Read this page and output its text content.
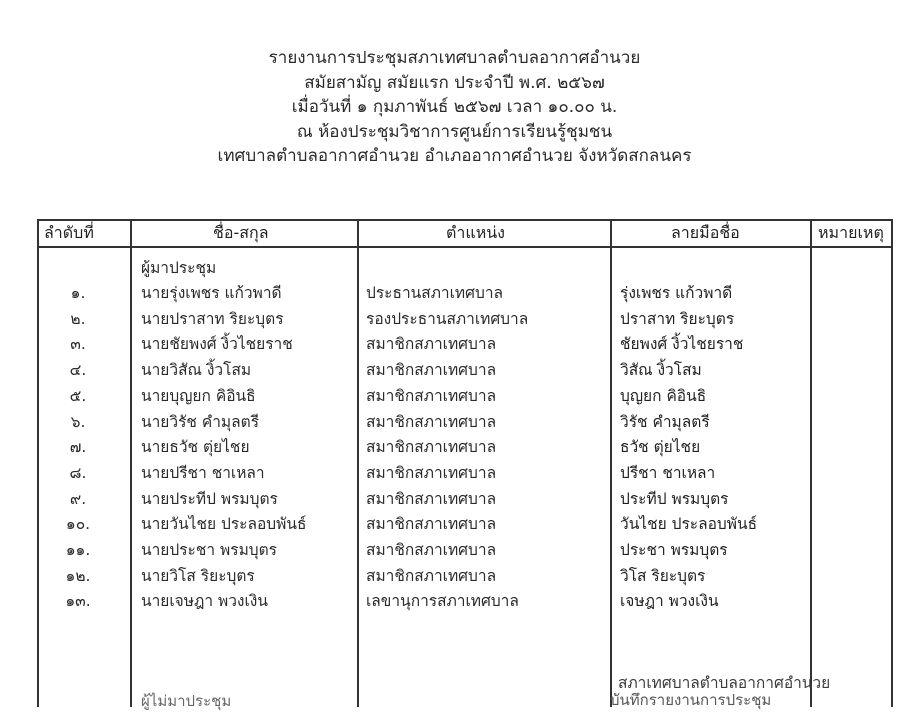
รายงานการประชุมสภาเทศบาลตำบลอากาศอำนวย
สมัยสามัญ สมัยแรก ประจำปี พ.ศ. ๒๕๖๗
เมื่อวันที่ ๑ กุมภาพันธ์ ๒๕๖๗ เวลา ๑๐.๐๐ น.
ณ ห้องประชุมวิชาการศูนย์การเรียนรู้ชุมชน
เทศบาลตำบลอากาศอำนวย อำเภออากาศอำนวย จังหวัดสกลนคร
ลำดับที่	ชื่อ-สกุล	ตำแหน่ง	ลายมือชื่อ	หมายเหตุ
ผู้มาประชุม
๑.	นายรุ่งเพชร แก้วพาดี	ประธานสภาเทศบาล	รุ่งเพชร แก้วพาดี
๒.	นายปราสาท ริยะบุตร	รองประธานสภาเทศบาล	ปราสาท ริยะบุตร
๓.	นายชัยพงศ์ งิ้วไชยราช	สมาชิกสภาเทศบาล	ชัยพงศ์ งิ้วไชยราช
๔.	นายวิสัณ งิ้วโสม	สมาชิกสภาเทศบาล	วิสัณ งิ้วโสม
๕.	นายบุญยก คิอินธิ	สมาชิกสภาเทศบาล	บุญยก คิอินธิ
๖.	นายวิรัช คำมุลตรี	สมาชิกสภาเทศบาล	วิรัช คำมุลตรี
๗.	นายธวัช ตุ่ยไชย	สมาชิกสภาเทศบาล	ธวัช ตุ่ยไชย
๘.	นายปรีชา ชาเหลา	สมาชิกสภาเทศบาล	ปรีชา ชาเหลา
๙.	นายประทีป พรมบุตร	สมาชิกสภาเทศบาล	ประทีป พรมบุตร
๑๐.	นายวันไชย ประลอบพันธ์	สมาชิกสภาเทศบาล	วันไชย ประลอบพันธ์
๑๑.	นายประชา พรมบุตร	สมาชิกสภาเทศบาล	ประชา พรมบุตร
๑๒.	นายวิโส ริยะบุตร	สมาชิกสภาเทศบาล	วิโส ริยะบุตร
๑๓.	นายเจษฎา พวงเงิน	เลขานุการสภาเทศบาล	เจษฎา พวงเงิน
สภาเทศบาลตำบลอากาศอำนวย
บันทึกรายงานการประชุม
ผู้ไม่มาประชุม
